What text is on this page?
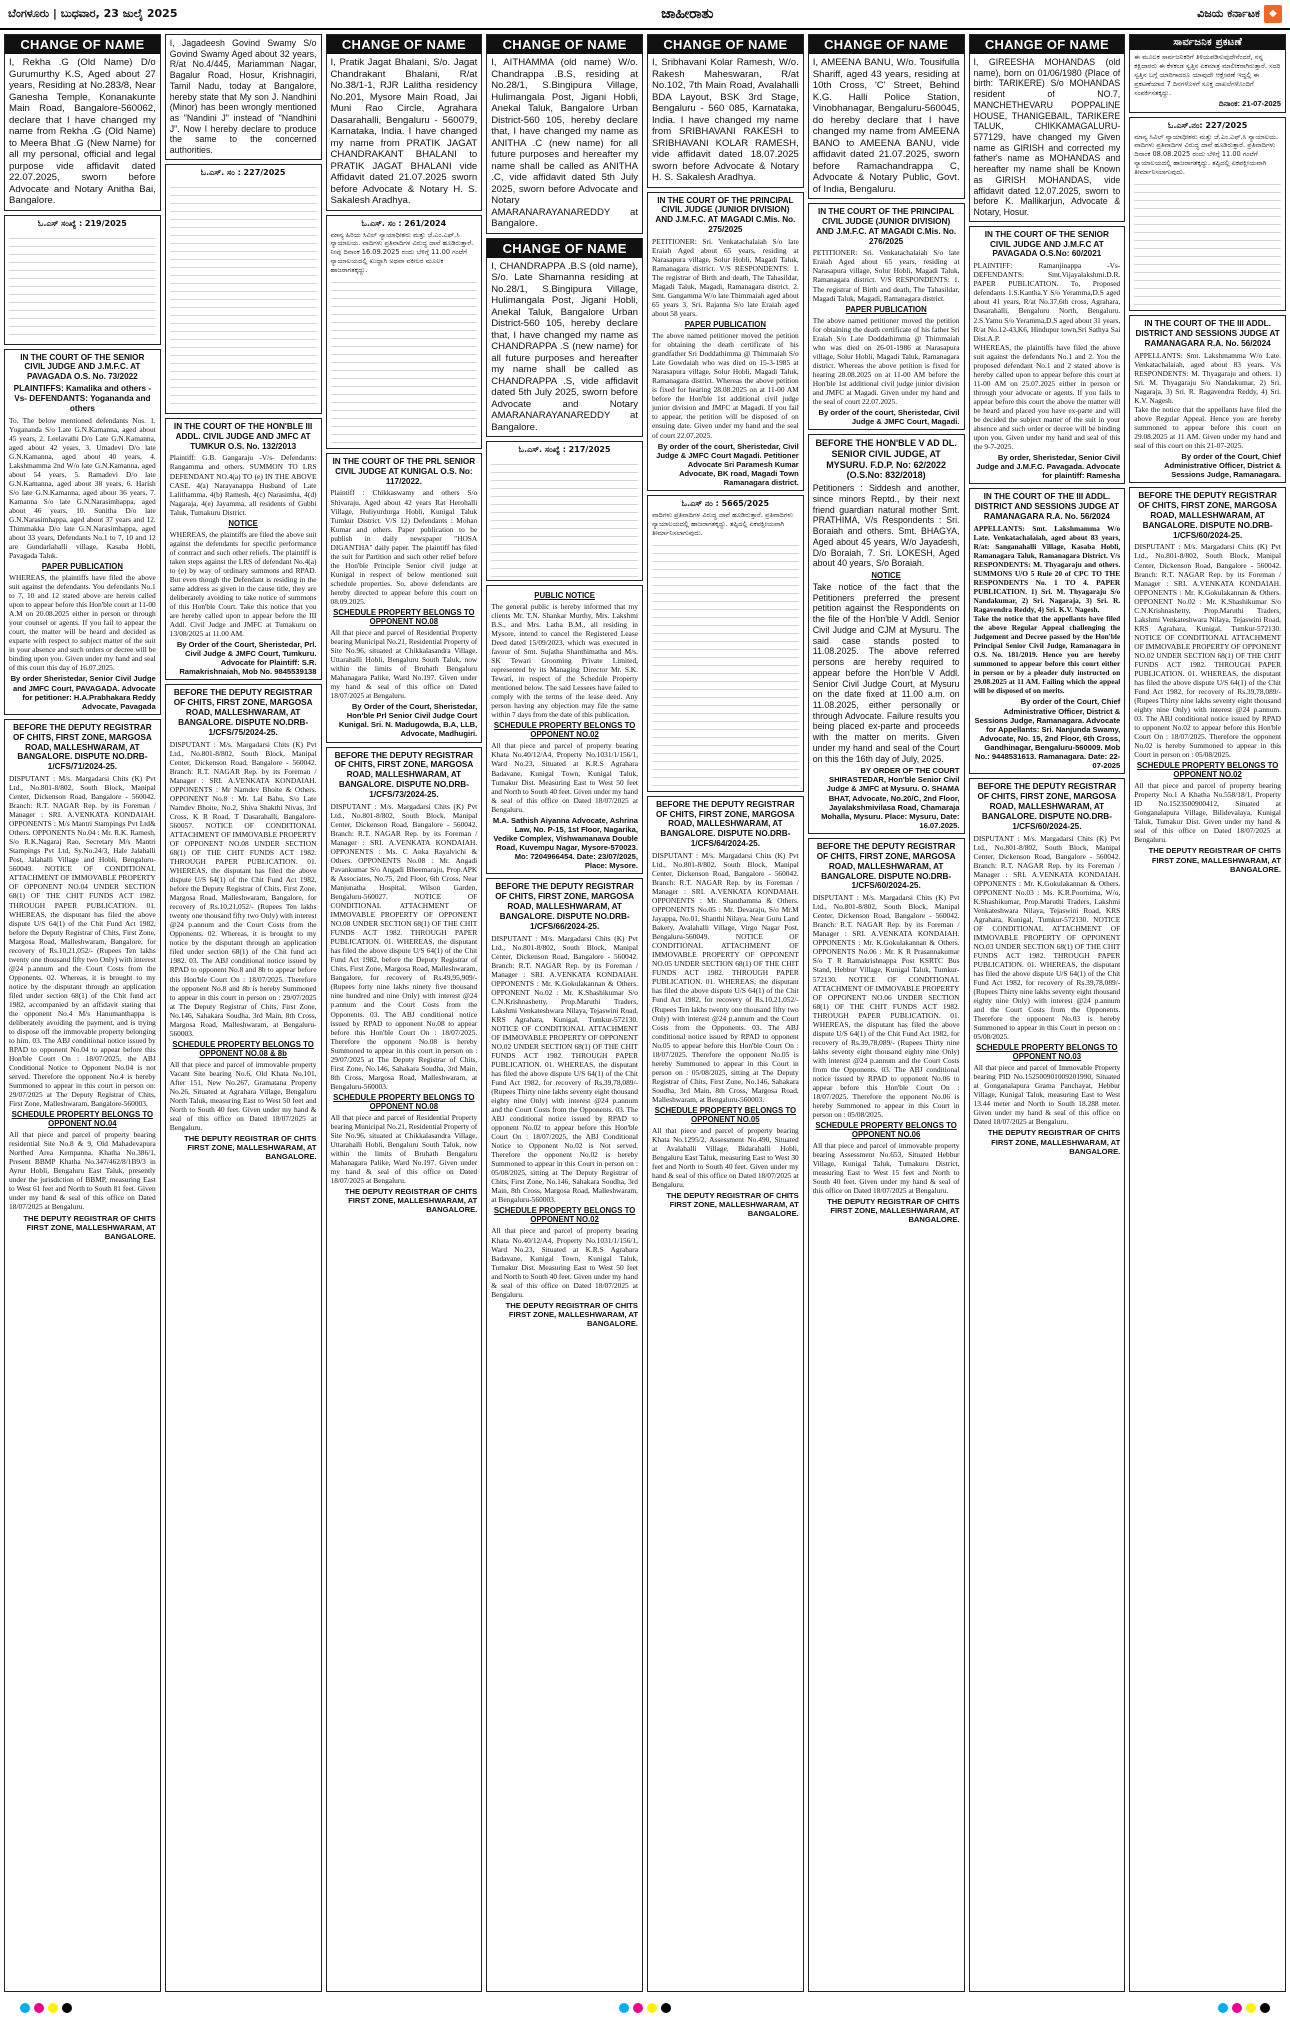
ಬೆಂಗಳೂರು | ಬುಧವಾರ, 23 ಜುಲೈ 2025	ಜಾಹೀರಾತು	ವಿಜಯ ಕರ್ನಾಟಕ ◆
CHANGE OF NAME
I, Rekha .G (Old Name) D/o Gurumurthy K.S, Aged about 27 years, Residing at No.283/8, Near Ganesha Temple, Konanakunte Main Road, Bangalore-560062, declare that I have changed my name from Rekha .G (Old Name) to Meera Bhat .G (New Name) for all my personal, official and legal purpose vide affidavit dated 22.07.2025, sworn before Advocate and Notary Anitha Bai, Bangalore.
ಓ.ಎಸ್ ಸಂಖ್ಯೆ : 219/2025
IN THE COURT OF THE SENIOR CIVIL JUDGE AND J.M.F.C. AT PAVAGADA O.S. No. 73/2022
PLAINTIFFS: Kamalika and others -Vs- DEFENDANTS: Yogananda and others
To. The below mentioned defendants Nos. 1. Yogananda S/o Late G.N.Kamanna, aged about 45 years, 2. Leelavathi D/o Late G.N.Kamanna, aged about 42 years, 3. Umadevi D/o late G.N.Kamanna, aged about 40 years, 4. Lakshmamma 2nd W/o late G.N.Kamanna, aged about 54 years, 5. Ramadevi D/o late G.N.Kamanna, aged about 38 years, 6. Harish S/o late G.N.Kamanna, aged about 36 years, 7. Kamanna S/o late G.N.Narasimhappa, aged about 46 years, 10. Sunitha D/o late G.N.Narasimhappa, aged about 37 years and 12. Thimmakka D/o late G.N.Narasimhappa, aged about 33 years, Defendants No.1 to 7, 10 and 12 are Gundarlahalli village, Kasaba Hobli, Pavagada Taluk.
PAPER PUBLICATION
WHEREAS, the plaintiffs have filed the above suit against the defendants. You defendants No.1 to 7, 10 and 12 stated above are herein called upon to appear before this Hon'ble court at 11-00 A.M on 20.08.2025 either in person or through your counsel or agents. If you fail to appear the court, the matter will be heard and decided as exparte with respect to subject matter of the suit in your absence and such orders or decree will be binding upon you. Given under my hand and seal of this court this day of 16.07.2025.
By order Sheristedar, Senior Civil Judge and JMFC Court, PAVAGADA. Advocate for petitioner: H.A.Prabhakara Reddy Advocate, Pavagada
BEFORE THE DEPUTY REGISTRAR OF CHITS, FIRST ZONE, MARGOSA ROAD, MALLESHWARAM, AT BANGALORE. DISPUTE NO.DRB-1/CFS/71/2024-25.
DISPUTANT : M/s. Margadarsi Chits (K) Pvt Ltd., No.801-8/802, South Block, Manipal Center, Dickenson Road, Bangalore - 560042. Branch: R.T. NAGAR Rep. by its Foreman / Manager : SRI. A.VENKATA KONDAIAH. OPPONENTS : M/s Mantri Stampings Pvt Ltd& Others. OPPONENTS No.04 : Mr. R.K. Ramesh, S/o R.K.Nagaraj Rao, Secretary M/s Mantri Stampings Pvt Ltd, Sy.No.24/3, Hale Jalahalli Post, Jalahalli Village and Hobli, Bengaluru-560049. NOTICE OF CONDITIONAL ATTACHMENT OF IMMOVABLE PROPERTY OF OPPONENT NO.04 UNDER SECTION 68(1) OF THE CHIT FUNDS ACT 1982. THROUGH PAPER PUBLICATION. 01. WHEREAS, the disputant has filed the above dispute U/S 64(1) of the Chit Fund Act 1982, before the Deputy Registrar of Chits, First Zone, Margosa Road, Malleshwaram, Bangalore, for recovery of Rs.10,21,052/- (Rupees Ten lakhs twenty one thousand fifty two Only) with interest @24 p.annum and the Court Costs from the Opponents. 02. Whereas, it is brought to my notice by the disputant through an application filed under section 68(1) of the Chit fund act 1982, accompanied by an affidavit stating that the opponent No.4 M/s Hanumanthappa is deliberately avoiding the payment, and is trying to dispose off the immovable property belonging to him. 03. The ABJ conditional notice issued by RPAD to opponent No.04 to appear before this Hon'ble Court On : 18/07/2025, the ABJ Conditional Notice to Opponent No.04 is not served. Therefore the opponent No.4 is hereby Summoned to appear in this court in person on: 29/07/2025 at The Deputy Registrar of Chits, First Zone, Malleshwaram, Bangalore-560003.
SCHEDULE PROPERTY BELONGS TO OPPONENT NO.04
All that piece and parcel of property bearing residential Site No.8 & 9, Old Mahadevapura Northed Area Kempanna, Khatha No.386/1, Present BBMP Khatha No.347/462/8/1B9/3 in Ayrur Hobli, Bengaluru East Taluk, presently under the jurisdiction of BBMP, measuring East to West 61 feet and North to South 81 feet. Given under my hand & seal of this office on Dated 18/07/2025 at Bengaluru.
THE DEPUTY REGISTRAR OF CHITS FIRST ZONE, MALLESHWARAM, AT BANGALORE.
I, Jagadeesh Govind Swamy S/o Govind Swamy Aged about 32 years, R/at No.4/445, Mariamman Nagar, Bagalur Road, Hosur, Krishnagiri, Tamil Nadu, today at Bangalore, hereby state that My son J. Nandhini (Minor) has been wrongly mentioned as "Nandini J" instead of "Nandhini J". Now I hereby declare to produce the same to the concerned authorities.
ಓ.ಎಸ್. ಸಂ : 227/2025
IN THE COURT OF THE HON'BLE III ADDL. CIVIL JUDGE AND JMFC AT TUMKUR O.S. No. 132/2013
Plaintiff: G.B. Gangaraju -V/s- Defendants: Rangamma and others. SUMMON TO LRS DEFENDANT NO.4(a) TO (e) IN THE ABOVE CASE. 4(a) Narayanappa Husband of Late Lalithamma, 4(b) Ramesh, 4(c) Narasimha, 4(d) Nagaraja, 4(e) Jayamma, all residents of Gubbi Taluk, Tumakuru District.
NOTICE
WHEREAS, the plaintiffs are filed the above suit against the defendants for specific performance of contract and such other reliefs. The plaintiff is taken steps against the LRS of defendant No.4(a) to (e) by way of ordinary summons and RPAD. But even though the Defendant is residing in the same address as given in the cause title, they are deliberately avoiding to take notice of summons of this Hon'ble Court. Take this notice that you are hereby called upon to appear before the III Addl. Civil Judge and JMFC at Tumakuru on 13/08/2025 at 11.00 AM.
By Order of the Court, Sheristedar, Prl. Civil Judge & JMFC Court, Tumkuru. Advocate for Plaintiff: S.R. Ramakrishnaiah, Mob No. 9845539138
BEFORE THE DEPUTY REGISTRAR OF CHITS, FIRST ZONE, MARGOSA ROAD, MALLESHWARAM, AT BANGALORE. DISPUTE NO.DRB-1/CFS/75/2024-25.
DISPUTANT : M/s. Margadarsi Chits (K) Pvt Ltd., No.801-8/802, South Block, Manipal Center, Dickenson Road, Bangalore - 560042. Branch: R.T. NAGAR Rep. by its Foreman / Manager : SRI. A.VENKATA KONDAIAH. OPPONENTS : Mr Namdev Bhoite & Others. OPPONENT No.8 : Mr. Lal Bahu, S/o Late Namdev Bhoite, No.2, Shiva Shakthi Nivas, 3rd Cross, K R Road, T Dasarahalli, Bangalore-560057. NOTICE OF CONDITIONAL ATTACHMENT OF IMMOVABLE PROPERTY OF OPPONENT NO.08 UNDER SECTION 68(1) OF THE CHIT FUNDS ACT 1982. THROUGH PAPER PUBLICATION. 01. WHEREAS, the disputant has filed the above dispute U/S 64(1) of the Chit Fund Act 1982, before the Deputy Registrar of Chits, First Zone, Margosa Road, Malleshwaram, Bangalore, for recovery of Rs.10,21,052/- (Rupees Ten lakhs twenty one thousand fifty two Only) with interest @24 p.annum and the Court Costs from the Opponents. 02. Whereas, it is brought to my notice by the disputant through an application filed under section 68(1) of the Chit fund act 1982. 03. The ABJ conditional notice issued by RPAD to opponent No.8 and 8b to appear before this Hon'ble Court On : 18/07/2025. Therefore the opponent No.8 and 8b is hereby Summoned to appear in this court in person on : 29/07/2025 at The Deputy Registrar of Chits, First Zone, No.146, Sahakara Soudha, 3rd Main, 8th Cross, Margosa Road, Malleshwaram, at Bengaluru-560003.
SCHEDULE PROPERTY BELONGS TO OPPONENT NO.08 & 8b
All that piece and parcel of immovable property Vacant Site bearing No.6, Old Khata No.101, After 151, New No.267, Gramatana Property No.26, Situated at Agrahara Village, Bengaluru North Taluk, measuring East to West 50 feet and North to South 40 feet. Given under my hand & seal of this office on Dated 18/07/2025 at Bengaluru.
THE DEPUTY REGISTRAR OF CHITS FIRST ZONE, MALLESHWARAM, AT BANGALORE.
CHANGE OF NAME
I, Pratik Jagat Bhalani, S/o. Jagat Chandrakant Bhalani, R/at No.38/1-1, RJR Lalitha residency No.201, Mysore Main Road, Jai Muni Rao Circle, Agrahara Dasarahalli, Bengaluru - 560079, Karnataka, India. I have changed my name from PRATIK JAGAT CHANDRAKANT BHALANI to PRATIK JAGAT BHALANI vide Affidavit dated 21.07.2025 sworn before Advocate & Notary H. S. Sakalesh Aradhya.
ಓ.ಎಸ್. ಸಂ : 261/2024
ಮಾನ್ಯ ಹಿರಿಯ ಸಿವಿಲ್ ನ್ಯಾಯಾಧೀಶರು ಮತ್ತು ಜೆ.ಎಂ.ಎಫ್.ಸಿ ನ್ಯಾಯಾಲಯ. ವಾದಿಗಳು ಪ್ರತಿವಾದಿಗಳ ವಿರುದ್ಧ ದಾವೆ ಹೂಡಿರುತ್ತಾರೆ. ನೀವು ದಿನಾಂಕ 16.09.2025 ರಂದು ಬೆಳಿಗ್ಗೆ 11.00 ಗಂಟೆಗೆ ನ್ಯಾಯಾಲಯದಲ್ಲಿ ಖುದ್ದಾಗಿ ಅಥವಾ ವಕೀಲರ ಮೂಲಕ ಹಾಜರಾಗತಕ್ಕದ್ದು.
IN THE COURT OF THE PRL SENIOR CIVIL JUDGE AT KUNIGAL O.S. No: 117/2022.
Plaintiff : Chikkaswamy and others S/o Shivaraju, Aged about 42 years Rat Herohalli Village, Huliyurdurga Hobli, Kunigal Taluk Tumkur District. V/S 12) Defendants : Mohan Kumar and others. Paper publication to be publish in daily newspaper "HOSA DIGANTHA" daily paper. The plaintiff has filed the suit for Partition and such other relief before the Hon'ble Principle Senior civil judge at Kunigal in respect of below mentioned suit schedule properties. So, above defendants are hereby directed to appear before this court on 08.09.2025.
SCHEDULE PROPERTY BELONGS TO OPPONENT NO.08
All that piece and parcel of Residential Property bearing Municipal No.21, Residential Property of Site No.96, situated at Chikkalasandra Village, Uttarahalli Hobli, Bengaluru South Taluk, now within the limits of Bruhath Bengaluru Mahanagara Palike, Ward No.197. Given under my hand & seal of this office on Dated 18/07/2025 at Bengaluru.
By Order of the Court, Sheristedar, Hon'ble Prl Senior Civil Judge Court Kunigal. Sri. N. Madugowda, B.A, LLB, Advocate, Madhugiri.
BEFORE THE DEPUTY REGISTRAR OF CHITS, FIRST ZONE, MARGOSA ROAD, MALLESHWARAM, AT BANGALORE. DISPUTE NO.DRB-1/CFS/73/2024-25.
DISPUTANT : M/s. Margadarsi Chits (K) Pvt Ltd., No.801-8/802, South Block, Manipal Center, Dickenson Road, Bangalore - 560042. Branch: R.T. NAGAR Rep. by its Foreman / Manager : SRI. A.VENKATA KONDAIAH. OPPONENTS : Ms. C Anka Rayalvichi & Others. OPPONENTS No.08 : Mr. Angadi Pavankumar S/o Angadi Bheemaraju, Prop.APK & Associates, No.75, 2nd Floor, 6th Cross, Near Manjunatha Hospital, Wilson Garden, Bengaluru-560027. NOTICE OF CONDITIONAL ATTACHMENT OF IMMOVABLE PROPERTY OF OPPONENT NO.08 UNDER SECTION 68(1) OF THE CHIT FUNDS ACT 1982. THROUGH PAPER PUBLICATION. 01. WHEREAS, the disputant has filed the above dispute U/S 64(1) of the Chit Fund Act 1982, before the Deputy Registrar of Chits, First Zone, Margosa Road, Malleshwaram, Bangalore, for recovery of Rs.49,95,909/- (Rupees forty nine lakhs ninety five thousand nine hundred and nine Only) with interest @24 p.annum and the Court Costs from the Opponents. 03. The ABJ conditional notice issued by RPAD to opponent No.08 to appear before this Hon'ble Court On : 18/07/2025. Therefore the opponent No.08 is hereby Summoned to appear in this court in person on : 29/07/2025 at The Deputy Registrar of Chits, First Zone, No.146, Sahakara Soudha, 3rd Main, 8th Cross, Margosa Road, Malleshwaram, at Bengaluru-560003.
SCHEDULE PROPERTY BELONGS TO OPPONENT NO.08
All that piece and parcel of Residential Property bearing Municipal No.21, Residential Property of Site No.96, situated at Chikkalasandra Village, Uttarahalli Hobli, Bengaluru South Taluk, now within the limits of Bruhath Bengaluru Mahanagara Palike, Ward No.197. Given under my hand & seal of this office on Dated 18/07/2025 at Bengaluru.
THE DEPUTY REGISTRAR OF CHITS FIRST ZONE, MALLESHWARAM, AT BANGALORE.
CHANGE OF NAME
I, AITHAMMA (old name) W/o. Chandrappa .B.S, residing at No.28/1, S.Bingipura Village, Hulimangala Post, Jigani Hobli, Anekal Taluk, Bangalore Urban District-560 105, hereby declare that, I have changed my name as ANITHA .C (new name) for all future purposes and hereafter my name shall be called as ANITHA .C, vide affidavit dated 5th July 2025, sworn before Advocate and Notary AMARANARAYANAREDDY at Bangalore.
CHANGE OF NAME
I, CHANDRAPPA .B.S (old name), S/o. Late Shamanna residing at No.28/1, S.Bingipura Village, Hulimangala Post, Jigani Hobli, Anekal Taluk, Bangalore Urban District-560 105, hereby declare that, I have changed my name as CHANDRAPPA .S (new name) for all future purposes and hereafter my name shall be called as CHANDRAPPA .S, vide affidavit dated 5th July 2025, sworn before Advocate and Notary AMARANARAYANAREDDY at Bangalore.
ಓ.ಎಸ್. ಸಂಖ್ಯೆ : 217/2025
PUBLIC NOTICE
The general public is hereby informed that my clients Mr. T.N. Shankar Murthy, Mrs. Lakshmi B.S., and Mrs. Latha B.M., all residing in Mysore, intend to cancel the Registered Lease Deed dated 15/09/2023, which was executed in favour of Smt. Sujatha Shanthimatha and M/s. SK Tewari Grooming Private Limited, represented by its Managing Director Mr. S.K. Tewari, in respect of the Schedule Property mentioned below. The said Lessees have failed to comply with the terms of the lease deed. Any person having any objection may file the same within 7 days from the date of this publication.
SCHEDULE PROPERTY BELONGS TO OPPONENT NO.02
All that piece and parcel of property bearing Khata No.40/12/A4, Property No.1031/1/156/1, Ward No.23, Situated at K.R.S Agrahara Badavane, Kunigal Town, Kunigal Taluk, Tumakur Dist. Measuring East to West 50 feet and North to South 40 feet. Given under my hand & seal of this office on Dated 18/07/2025 at Bengaluru.
M.A. Sathish Aiyanna Advocate, Ashrina Law, No. P-15, 1st Floor, Nagarika, Vedike Complex, Vishwamanava Double Road, Kuvempu Nagar, Mysore-570023. Mo: 7204966454. Date: 23/07/2025, Place: Mysore.
BEFORE THE DEPUTY REGISTRAR OF CHITS, FIRST ZONE, MARGOSA ROAD, MALLESHWARAM, AT BANGALORE. DISPUTE NO.DRB-1/CFS/66/2024-25.
DISPUTANT : M/s. Margadarsi Chits (K) Pvt Ltd., No.801-8/802, South Block, Manipal Center, Dickenson Road, Bangalore - 560042. Branch: R.T. NAGAR Rep. by its Foreman / Manager : SRI. A.VENKATA KONDAIAH. OPPONENTS : Mr. K.Gokulakannan & Others. OPPONENT No.02 : Mr. K.Shashikumar S/o C.N.Krishnashetty, Prop.Maruthi Traders, Lakshmi Venkateshwara Nilaya, Tejaswini Road, KRS Agrahara, Kunigal, Tumkur-572130. NOTICE OF CONDITIONAL ATTACHMENT OF IMMOVABLE PROPERTY OF OPPONENT NO.02 UNDER SECTION 68(1) OF THE CHIT FUNDS ACT 1982. THROUGH PAPER PUBLICATION. 01. WHEREAS, the disputant has filed the above dispute U/S 64(1) of the Chit Fund Act 1982, for recovery of Rs.39,78,089/- (Rupees Thirty nine lakhs seventy eight thousand eighty nine Only) with interest @24 p.annum and the Court Costs from the Opponents. 03. The ABJ conditional notice issued by RPAD to opponent No.02 to appear before this Hon'ble Court On : 18/07/2025, the ABJ Conditional Notice to Opponent No.02 is Not served. Therefore the opponent No.02 is hereby Summoned to appear in this Court in person on : 05/08/2025, sitting at The Deputy Registrar of Chits, First Zone, No.146, Sahakara Soudha, 3rd Main, 8th Cross, Margosa Road, Malleshwaram, at Bengaluru-560003.
SCHEDULE PROPERTY BELONGS TO OPPONENT NO.02
All that piece and parcel of property bearing Khata No.40/12/A4, Property No.1031/1/156/1, Ward No.23, Situated at K.R.S Agrahara Badavane, Kunigal Town, Kunigal Taluk, Tumakur Dist. Measuring East to West 50 feet and North to South 40 feet. Given under my hand & seal of this office on Dated 18/07/2025 at Bengaluru.
THE DEPUTY REGISTRAR OF CHITS FIRST ZONE, MALLESHWARAM, AT BANGALORE.
CHANGE OF NAME
I, Sribhavani Kolar Ramesh, W/o. Rakesh Maheswaran, R/at No.102, 7th Main Road, Avalahalli BDA Layout, BSK 3rd Stage, Bengaluru - 560 085, Karnataka, India. I have changed my name from SRIBHAVANI RAKESH to SRIBHAVANI KOLAR RAMESH, vide affidavit dated 18.07.2025 sworn before Advocate & Notary H. S. Sakalesh Aradhya.
IN THE COURT OF THE PRINCIPAL CIVIL JUDGE (JUNIOR DIVISION) AND J.M.F.C. AT MAGADI C.Mis. No. 275/2025
PETITIONER: Sri. Venkatachalaiah S/o late Eraiah Aged about 65 years, residing at Narasapura village, Solur Hobli, Magadi Taluk, Ramanagara district. V/S RESPONDENTS: 1. The registrar of Birth and death, The Tahasildar, Magadi Taluk, Magadi, Ramanagara district. 2. Smt. Gangamma W/o late Thimmaiah aged about 65 years 3. Sri. Rajanna S/o late Eraiah aged about 58 years.
PAPER PUBLICATION
The above named petitioner moved the petition for obtaining the death certificate of his grandfather Sri Doddathimma @ Thimmaiah S/o Late Gowdaiah who was died on 15-3-1985 at Narasapura village, Solur Hobli, Magadi Taluk, Ramanagara district. Whereas the above petition is fixed for hearing 28.08.2025 on at 11-00 AM before the Hon'ble 1st additional civil judge junior division and JMFC at Magadi. If you fail to appear, the petition will be disposed of on ensuing date. Given under my hand and the seal of court 22.07.2025.
By order of the court, Sheristedar, Civil Judge & JMFC Court Magadi. Petitioner Advocate Sri Paramesh Kumar Advocate, BK road, Magadi Town Ramanagara district.
ಓ.ಎಸ್ ನಂ : 5665/2025
ವಾದಿಗಳು ಪ್ರತಿವಾದಿಗಳ ವಿರುದ್ಧ ದಾವೆ ಹೂಡಿರುತ್ತಾರೆ. ಪ್ರತಿವಾದಿಗಳು ನ್ಯಾಯಾಲಯದಲ್ಲಿ ಹಾಜರಾಗತಕ್ಕದ್ದು. ತಪ್ಪಿದಲ್ಲಿ ಏಕಪಕ್ಷೀಯವಾಗಿ ತೀರ್ಮಾನಿಸಲಾಗುವುದು.
BEFORE THE DEPUTY REGISTRAR OF CHITS, FIRST ZONE, MARGOSA ROAD, MALLESHWARAM, AT BANGALORE. DISPUTE NO.DRB-1/CFS/64/2024-25.
DISPUTANT : M/s. Margadarsi Chits (K) Pvt Ltd., No.801-8/802, South Block, Manipal Center, Dickenson Road, Bangalore - 560042. Branch: R.T. NAGAR Rep. by its Foreman / Manager : SRI. A.VENKATA KONDAIAH. OPPONENTS : Mr. Shanthamma & Others. OPPONENTS No.05 : Mr. Devaraju, S/o Mr.M Jayappa, No.01, Shanthi Nilaya, Near Guru Land Bakery, Avalahalli Village, Virgo Nagar Post, Bengaluru-560049. NOTICE OF CONDITIONAL ATTACHMENT OF IMMOVABLE PROPERTY OF OPPONENT NO.05 UNDER SECTION 68(1) OF THE CHIT FUNDS ACT 1982. THROUGH PAPER PUBLICATION. 01. WHEREAS, the disputant has filed the above dispute U/S 64(1) of the Chit Fund Act 1982, for recovery of Rs.10,21,052/- (Rupees Ten lakhs twenty one thousand fifty two Only) with interest @24 p.annum and the Court Costs from the Opponents. 03. The ABJ conditional notice issued by RPAD to opponent No.05 to appear before this Hon'ble Court On : 18/07/2025. Therefore the opponent No.05 is hereby Summoned to appear in this Court in person on : 05/08/2025, sitting at The Deputy Registrar of Chits, First Zone, No.146, Sahakara Soudha, 3rd Main, 8th Cross, Margosa Road, Malleshwaram, at Bengaluru-560003.
SCHEDULE PROPERTY BELONGS TO OPPONENT NO.05
All that piece and parcel of property bearing Khata No.1295/2, Assessment No.490, Situated at Avalahalli Village, Bidarahalli Hobli, Bengaluru East Taluk, measuring East to West 30 feet and North to South 40 feet. Given under my hand & seal of this office on Dated 18/07/2025 at Bengaluru.
THE DEPUTY REGISTRAR OF CHITS FIRST ZONE, MALLESHWARAM, AT BANGALORE.
CHANGE OF NAME
I, AMEENA BANU, W/o. Tousifulla Shariff, aged 43 years, residing at 10th Cross, 'C' Street, Behind K.G. Halli Police Station, Vinobhanagar, Bengaluru-560045, do hereby declare that I have changed my name from AMEENA BANO to AMEENA BANU, vide affidavit dated 21.07.2025, sworn before Ramachandrappa C, Advocate & Notary Public, Govt. of India, Bengaluru.
IN THE COURT OF THE PRINCIPAL CIVIL JUDGE (JUNIOR DIVISION) AND J.M.F.C. AT MAGADI C.Mis. No. 276/2025
PETITIONER: Sri. Venkatachalaiah S/o late Eraiah Aged about 65 years, residing at Narasapura village, Solur Hobli, Magadi Taluk, Ramanagara district. V/S RESPONDENTS: 1. The registrar of Birth and death, The Tahasildar, Magadi Taluk, Magadi, Ramanagara district.
PAPER PUBLICATION
The above named petitioner moved the petition for obtaining the death certificate of his father Sri Eraiah S/o Late Doddathimma @ Thimmaiah who was died on 26-01-1986 at Narasapura village, Solur Hobli, Magadi Taluk, Ramanagara district. Whereas the above petition is fixed for hearing 28.08.2025 on at 11-00 AM before the Hon'ble 1st additional civil judge junior division and JMFC at Magadi. Given under my hand and the seal of court 22.07.2025.
By order of the court, Sheristedar, Civil Judge & JMFC Court, Magadi.
BEFORE THE HON'BLE V AD DL. SENIOR CIVIL JUDGE, AT MYSURU. F.D.P. No: 62/2022 (O.S.No: 832/2018)
Petitioners : Siddesh and another, since minors Reptd., by their next friend guardian natural mother Smt. PRATHIMA, V/s Respondents : Sri. Boraiah and others. Smt. BHAGYA, Aged about 45 years, W/o Jayadesh, D/o Boraiah, 7. Sri. LOKESH, Aged about 40 years, S/o Boraiah.
NOTICE
Take notice of the fact that the Petitioners preferred the present petition against the Respondents on the file of the Hon'ble V Addl. Senior Civil Judge and CJM at Mysuru. The said case stands posted to 11.08.2025. The above referred persons are hereby required to appear before the Hon'ble V Addl. Senior Civil Judge Court, at Mysuru on the date fixed at 11.00 a.m. on 11.08.2025, either personally or through Advocate. Failure results you being placed ex-parte and proceeds with the matter on merits. Given under my hand and seal of the Court on this the 16th day of July, 2025.
BY ORDER OF THE COURT SHIRASTEDAR, Hon'ble Senior Civil Judge & JMFC at Mysuru. O. SHAMA BHAT, Advocate, No.20/C, 2nd Floor, Jayalakshmivilasa Road, Chamaraja Mohalla, Mysuru. Place: Mysuru, Date: 16.07.2025.
BEFORE THE DEPUTY REGISTRAR OF CHITS, FIRST ZONE, MARGOSA ROAD, MALLESHWARAM, AT BANGALORE. DISPUTE NO.DRB-1/CFS/60/2024-25.
DISPUTANT : M/s. Margadarsi Chits (K) Pvt Ltd., No.801-8/802, South Block, Manipal Center, Dickenson Road, Bangalore - 560042. Branch: R.T. NAGAR Rep. by its Foreman / Manager : SRI. A.VENKATA KONDAIAH. OPPONENTS : Mr. K.Gokulakannan & Others. OPPONENTS No.06 : Mr. K R Prasannakumar S/o T R Ramakrishnappa Post KSRTC Bus Stand, Hebbur Village, Kunigal Taluk, Tumkur-572130. NOTICE OF CONDITIONAL ATTACHMENT OF IMMOVABLE PROPERTY OF OPPONENT NO.06 UNDER SECTION 68(1) OF THE CHIT FUNDS ACT 1982. THROUGH PAPER PUBLICATION. 01. WHEREAS, the disputant has filed the above dispute U/S 64(1) of the Chit Fund Act 1982, for recovery of Rs.39,78,089/- (Rupees Thirty nine lakhs seventy eight thousand eighty nine Only) with interest @24 p.annum and the Court Costs from the Opponents. 03. The ABJ conditional notice issued by RPAD to opponent No.06 to appear before this Hon'ble Court On : 18/07/2025. Therefore the opponent No.06 is hereby Summoned to appear in this Court in person on : 05/08/2025.
SCHEDULE PROPERTY BELONGS TO OPPONENT NO.06
All that piece and parcel of immovable property bearing Assessment No.653, Situated Hebbur Village, Kunigal Taluk, Tumakuru District, measuring East to West 15 feet and North to South 40 feet. Given under my hand & seal of this office on Dated 18/07/2025 at Bengaluru.
THE DEPUTY REGISTRAR OF CHITS FIRST ZONE, MALLESHWARAM, AT BANGALORE.
CHANGE OF NAME
I, GIREESHA MOHANDAS (old name), born on 01/06/1980 (Place of birth: TARIKERE) S/o MOHANDAS resident of NO.7, MANCHETHEVARU POPPALINE HOUSE, THANIGEBAIL, TARIKERE TALUK, CHIKKAMAGALURU-577129, have changed my Given name as GIRISH and corrected my father's name as MOHANDAS and hereafter my name shall be Known as GIRISH MOHANDAS, vide affidavit dated 12.07.2025, sworn to before K. Mallikarjun, Advocate & Notary, Hosur.
IN THE COURT OF THE SENIOR CIVIL JUDGE AND J.M.F.C AT PAVAGADA O.S.No: 60/2021
PLAINTIFF: Ramanjinappa -Vs- DEFENDANTS: Smt.Vijayalakshmi.D.R. PAPER PUBLICATION. To, Proposed defendants 1.S.Kantha.Y S/o Yeramma,D.S aged about 41 years, R/at No.37,6th cross, Agrahara, Dasarahalli, Bengaluru North, Bengaluru. 2.S.Yamu S/o Yeramma,D.S aged about 31 years, R/at No.12-43,K6, Hindupur town,Sri Sathya Sai Dist.A.P.
WHEREAS, the plaintiffs have filed the above suit against the defendants No.1 and 2. You the proposed defendant No.1 and 2 stated above is hereby called upon to appear before this court at 11-00 AM on 25.07.2025 either in person or through your advocate or agents. If you fails to appear before this court the above the matter will be heard and placed you have ex-parte and will be decided the subject matter of the suit in your absence and such order or decree will be binding upon you. Given under my hand and seal of this the 9-7-2025.
By order, Sheristedar, Senior Civil Judge and J.M.F.C. Pavagada. Advocate for plaintiff: Ramesha
IN THE COURT OF THE III ADDL. DISTRICT AND SESSIONS JUDGE AT RAMANAGARA R.A. No. 56/2024
APPELLANTS: Smt. Lakshmamma W/o Late. Venkatachalaiah, aged about 83 years, R/at: Sanganahalli Village, Kasaba Hobli, Ramanagara Taluk, Ramanagara District. V/s RESPONDENTS: M. Thyagaraju and others. SUMMONS U/O 5 Rule 20 of CPC TO THE RESPONDENTS No. 1 TO 4. PAPER PUBLICATION. 1) Sri. M. Thyagaraju S/o Nandakumar, 2) Sri. Nagaraja, 3) Sri. R. Ragavendra Reddy, 4) Sri. K.V. Nagesh.
Take the notice that the appellants have filed the above Regular Appeal challenging the Judgement and Decree passed by the Hon'ble Principal Senior Civil Judge, Ramanagara in O.S. No. 181/2019. Hence you are hereby summoned to appear before this court either in person or by a pleader duly instructed on 29.08.2025 at 11 AM. Failing which the appeal will be disposed of on merits.
By order of the Court, Chief Administrative Officer, District & Sessions Judge, Ramanagara. Advocate for Appellants: Sri. Nanjunda Swamy, Advocate, No. 15, 2nd Floor, 6th Cross, Gandhinagar, Bengaluru-560009. Mob No.: 9448531613. Ramanagara. Date: 22-07-2025
BEFORE THE DEPUTY REGISTRAR OF CHITS, FIRST ZONE, MARGOSA ROAD, MALLESHWARAM, AT BANGALORE. DISPUTE NO.DRB-1/CFS/60/2024-25.
DISPUTANT : M/s. Margadarsi Chits (K) Pvt Ltd., No.801-8/802, South Block, Manipal Center, Dickenson Road, Bangalore - 560042. Branch: R.T. NAGAR Rep. by its Foreman / Manager : SRI. A.VENKATA KONDAIAH. OPPONENTS : Mr. K.Gokulakannan & Others. OPPONENT No.03 : Ms. K.R.Poornima, W/o, K.Shashikumar, Prop.Maruthi Traders, Lakshmi Venkateshwara Nilaya, Tejaswini Road, KRS Agrahara, Kunigal, Tumkur-572130. NOTICE OF CONDITIONAL ATTACHMENT OF IMMOVABLE PROPERTY OF OPPONENT NO.03 UNDER SECTION 68(1) OF THE CHIT FUNDS ACT 1982. THROUGH PAPER PUBLICATION. 01. WHEREAS, the disputant has filed the above dispute U/S 64(1) of the Chit Fund Act 1982, for recovery of Rs.39,78,089/- (Rupees Thirty nine lakhs seventy eight thousand eighty nine Only) with interest @24 p.annum and the Court Costs from the Opponents. Therefore the opponent No.03 is hereby Summoned to appear in this Court in person on : 05/08/2025.
SCHEDULE PROPERTY BELONGS TO OPPONENT NO.03
All that piece and parcel of Immovable Property bearing PID No.152500901009201990, Situated at Gonganalapura Grama Panchayat, Hebbur Village, Kunigal Taluk, measuring East to West 13.44 meter and North to South 18.288 meter. Given under my hand & seal of this office on Dated 18/07/2025 at Bengaluru.
THE DEPUTY REGISTRAR OF CHITS FIRST ZONE, MALLESHWARAM, AT BANGALORE.
ಸಾರ್ವಜನಿಕ ಪ್ರಕಟಣೆ
ಈ ಮೂಲಕ ಸಾರ್ವಜನಿಕರಿಗೆ ತಿಳಿಯಪಡಿಸುವುದೇನೆಂದರೆ, ನನ್ನ ಕಕ್ಷಿದಾರರು ಈ ಕೆಳಕಂಡ ಸ್ವತ್ತಿನ ಏಕಮಾತ್ರ ಮಾಲೀಕರಾಗಿರುತ್ತಾರೆ. ಸದರಿ ಸ್ವತ್ತಿನ ಬಗ್ಗೆ ಯಾರಿಗಾದರೂ ಯಾವುದೇ ಆಕ್ಷೇಪಣೆ ಇದ್ದಲ್ಲಿ ಈ ಪ್ರಕಟಣೆಯಾದ 7 ದಿನಗಳೊಳಗೆ ಸೂಕ್ತ ದಾಖಲೆಗಳೊಂದಿಗೆ ಸಂಪರ್ಕಿಸತಕ್ಕದ್ದು.
ದಿನಾಂಕ: 21-07-2025
ಓ.ಎಸ್.ನಂ: 227/2025
ಮಾನ್ಯ ಸಿವಿಲ್ ನ್ಯಾಯಾಧೀಶರು ಮತ್ತು ಜೆ.ಎಂ.ಎಫ್.ಸಿ ನ್ಯಾಯಾಲಯ. ವಾದಿಗಳು ಪ್ರತಿವಾದಿಗಳ ವಿರುದ್ಧ ದಾವೆ ಹೂಡಿರುತ್ತಾರೆ. ಪ್ರತಿವಾದಿಗಳು ದಿನಾಂಕ 08.08.2025 ರಂದು ಬೆಳಿಗ್ಗೆ 11.00 ಗಂಟೆಗೆ ನ್ಯಾಯಾಲಯದಲ್ಲಿ ಹಾಜರಾಗತಕ್ಕದ್ದು. ತಪ್ಪಿದಲ್ಲಿ ಏಕಪಕ್ಷೀಯವಾಗಿ ತೀರ್ಮಾನಿಸಲಾಗುವುದು.
IN THE COURT OF THE III ADDL. DISTRICT AND SESSIONS JUDGE AT RAMANAGARA R.A. No. 56/2024
APPELLANTS: Smt. Lakshmamma W/o Late. Venkatachalaiah, aged about 83 years. V/s RESPONDENTS: M. Thyagaraju and others. 1) Sri. M. Thyagaraju S/o Nandakumar, 2) Sri. Nagaraja, 3) Sri. R. Ragavendra Reddy, 4) Sri. K.V. Nagesh.
Take the notice that the appellants have filed the above Regular Appeal. Hence you are hereby summoned to appear before this court on 29.08.2025 at 11 AM. Given under my hand and seal of this court on this 21-07-2025.
By order of the Court, Chief Administrative Officer, District & Sessions Judge, Ramanagara.
BEFORE THE DEPUTY REGISTRAR OF CHITS, FIRST ZONE, MARGOSA ROAD, MALLESHWARAM, AT BANGALORE. DISPUTE NO.DRB-1/CFS/60/2024-25.
DISPUTANT : M/s. Margadarsi Chits (K) Pvt Ltd., No.801-8/802, South Block, Manipal Center, Dickenson Road, Bangalore - 560042. Branch: R.T. NAGAR Rep. by its Foreman / Manager : SRI. A.VENKATA KONDAIAH. OPPONENTS : Mr. K.Gokulakannan & Others. OPPONENT No.02 : Mr. K.Shashikumar S/o C.N.Krishnashetty, Prop.Maruthi Traders, Lakshmi Venkateshwara Nilaya, Tejaswini Road, KRS Agrahara, Kunigal, Tumkur-572130. NOTICE OF CONDITIONAL ATTACHMENT OF IMMOVABLE PROPERTY OF OPPONENT NO.02 UNDER SECTION 68(1) OF THE CHIT FUNDS ACT 1982. THROUGH PAPER PUBLICATION. 01. WHEREAS, the disputant has filed the above dispute U/S 64(1) of the Chit Fund Act 1982, for recovery of Rs.39,78,089/- (Rupees Thirty nine lakhs seventy eight thousand eighty nine Only) with interest @24 p.annum. 03. The ABJ conditional notice issued by RPAD to opponent No.02 to appear before this Hon'ble Court On : 18/07/2025. Therefore the opponent No.02 is hereby Summoned to appear in this Court in person on : 05/08/2025.
SCHEDULE PROPERTY BELONGS TO OPPONENT NO.02
All that piece and parcel of property bearing Property No.1 A Khatha No.558/18/1, Property ID No.1523500900412, Situated at Gonganalapura Village, Bilidevalaya, Kunigal Taluk, Tumakur Dist. Given under my hand & seal of this office on Dated 18/07/2025 at Bengaluru.
THE DEPUTY REGISTRAR OF CHITS FIRST ZONE, MALLESHWARAM, AT BANGALORE.
